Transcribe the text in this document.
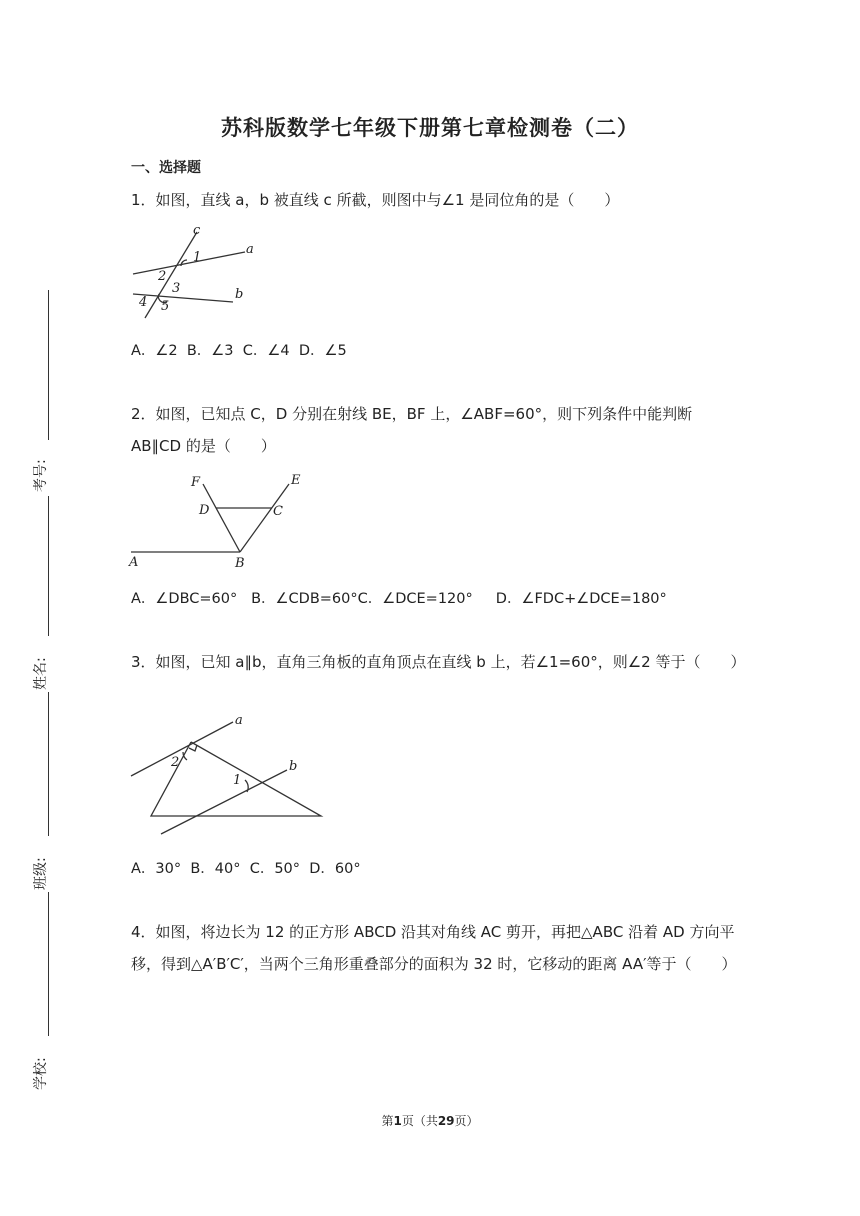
考号:
姓名:
班级:
学校:
苏科版数学七年级下册第七章检测卷（二）
一、选择题
1．如图，直线 a，b 被直线 c 所截，则图中与∠1 是同位角的是（　　）
c
a
1
2
3
4 5
b
A．∠2  B．∠3  C．∠4  D．∠5
2．如图，已知点 C，D 分别在射线 BE，BF 上，∠ABF=60°，则下列条件中能判断 AB∥CD 的是（　　）
F	E
D	C
A	B
A．∠DBC=60°   B．∠CDB=60°C．∠DCE=120°     D．∠FDC+∠DCE=180°
3．如图，已知 a∥b，直角三角板的直角顶点在直线 b 上，若∠1=60°，则∠2 等于（　　）
a
2
1
b
A．30°  B．40°  C．50°  D．60°
4．如图，将边长为 12 的正方形 ABCD 沿其对角线 AC 剪开，再把△ABC 沿着 AD 方向平移，得到△A′B′C′，当两个三角形重叠部分的面积为 32 时，它移动的距离 AA′等于（　　）
第1页（共29页）
